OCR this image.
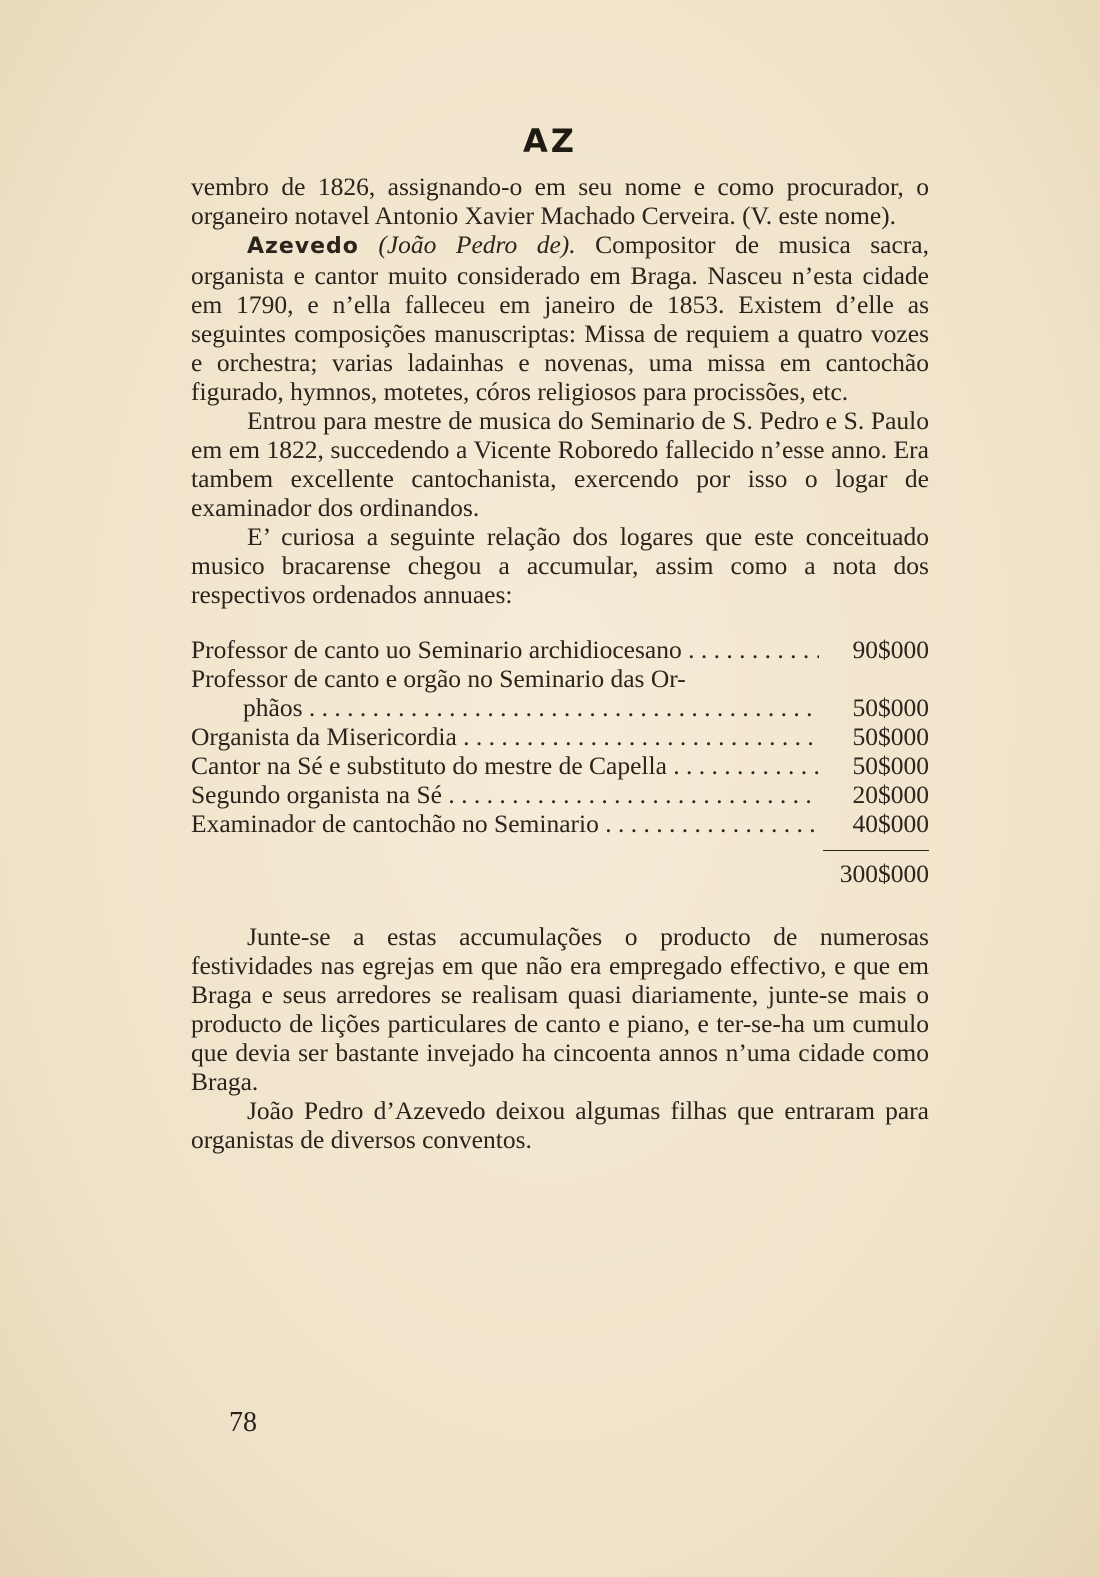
AZ

vembro de 1826, assignando-o em seu nome e como procurador, o organeiro notavel Antonio Xavier Machado Cerveira. (V. este nome).

Azevedo (João Pedro de). Compositor de musica sacra, organista e cantor muito considerado em Braga. Nasceu n’esta cidade em 1790, e n’ella falleceu em janeiro de 1853. Existem d’elle as seguintes composições manuscriptas: Missa de requiem a quatro vozes e orchestra; varias ladainhas e novenas, uma missa em cantochão figurado, hymnos, motetes, córos religiosos para procissões, etc.

Entrou para mestre de musica do Seminario de S. Pedro e S. Paulo em em 1822, succedendo a Vicente Roboredo fallecido n’esse anno. Era tambem excellente cantochanista, exercendo por isso o logar de examinador dos ordinandos.

E’ curiosa a seguinte relação dos logares que este conceituado musico bracarense chegou a accumular, assim como a nota dos respectivos ordenados annuaes:

Professor de canto uo Seminario archidiocesano . . .	90$000
Professor de canto e orgão no Seminario das Or-
phãos . . .	50$000
Organista da Misericordia . . .	50$000
Cantor na Sé e substituto do mestre de Capella . . .	50$000
Segundo organista na Sé . . .	20$000
Examinador de cantochão no Seminario . . .	40$000
300$000

Junte-se a estas accumulações o producto de numerosas festividades nas egrejas em que não era empregado effectivo, e que em Braga e seus arredores se realisam quasi diariamente, junte-se mais o producto de lições particulares de canto e piano, e ter-se-ha um cumulo que devia ser bastante invejado ha cincoenta annos n’uma cidade como Braga.

João Pedro d’Azevedo deixou algumas filhas que entraram para organistas de diversos conventos.

78
